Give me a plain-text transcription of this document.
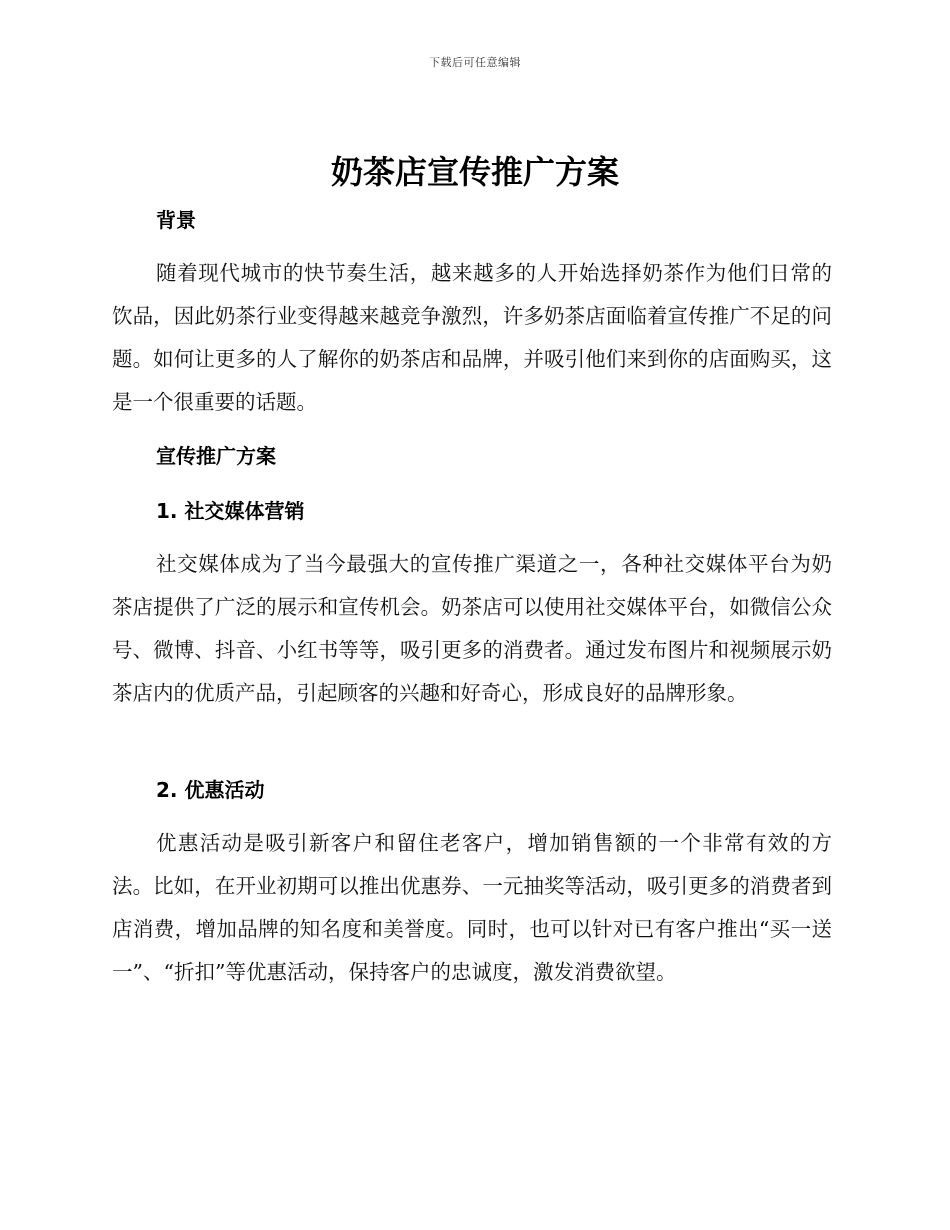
下载后可任意编辑
奶茶店宣传推广方案
背景

随着现代城市的快节奏生活，越来越多的人开始选择奶茶作为他们日常的饮品，因此奶茶行业变得越来越竞争激烈，许多奶茶店面临着宣传推广不足的问题。如何让更多的人了解你的奶茶店和品牌，并吸引他们来到你的店面购买，这是一个很重要的话题。

宣传推广方案
1. 社交媒体营销

社交媒体成为了当今最强大的宣传推广渠道之一，各种社交媒体平台为奶茶店提供了广泛的展示和宣传机会。奶茶店可以使用社交媒体平台，如微信公众号、微博、抖音、小红书等等，吸引更多的消费者。通过发布图片和视频展示奶茶店内的优质产品，引起顾客的兴趣和好奇心，形成良好的品牌形象。

2. 优惠活动

优惠活动是吸引新客户和留住老客户，增加销售额的一个非常有效的方法。比如，在开业初期可以推出优惠券、一元抽奖等活动，吸引更多的消费者到店消费，增加品牌的知名度和美誉度。同时，也可以针对已有客户推出“买一送一”、“折扣”等优惠活动，保持客户的忠诚度，激发消费欲望。
